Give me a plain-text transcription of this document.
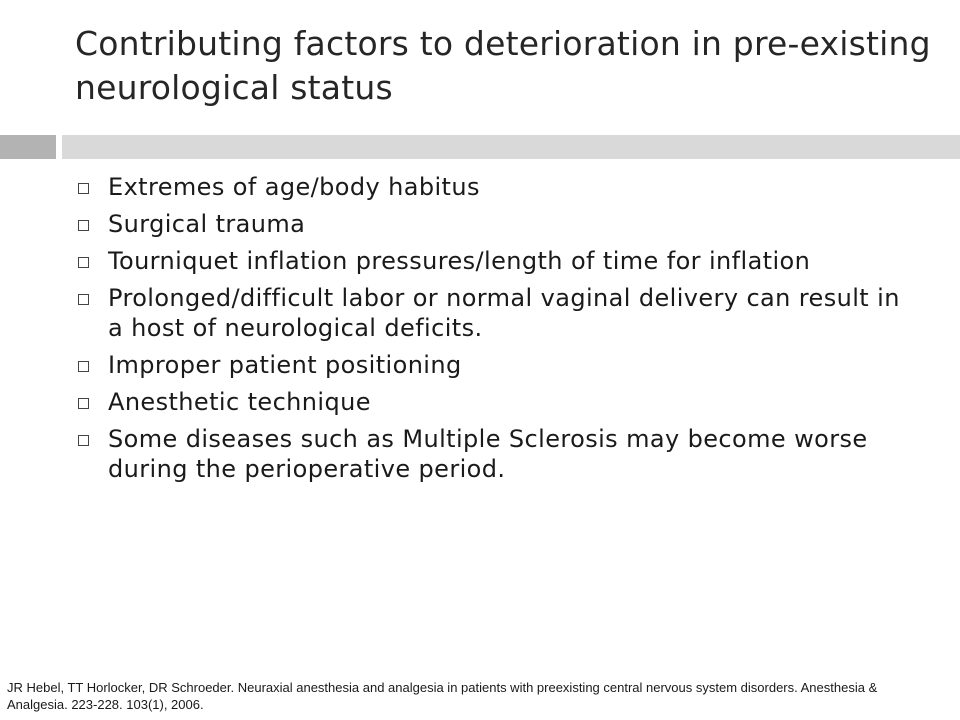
Contributing factors to deterioration in pre-existing neurological status
Extremes of age/body habitus
Surgical trauma
Tourniquet inflation pressures/length of time for inflation
Prolonged/difficult labor or normal vaginal delivery can result in a host of neurological deficits.
Improper patient positioning
Anesthetic technique
Some diseases such as Multiple Sclerosis may become worse during the perioperative period.
JR Hebel, TT Horlocker, DR Schroeder. Neuraxial anesthesia and analgesia in patients with preexisting central nervous system disorders. Anesthesia & Analgesia. 223-228. 103(1), 2006.
